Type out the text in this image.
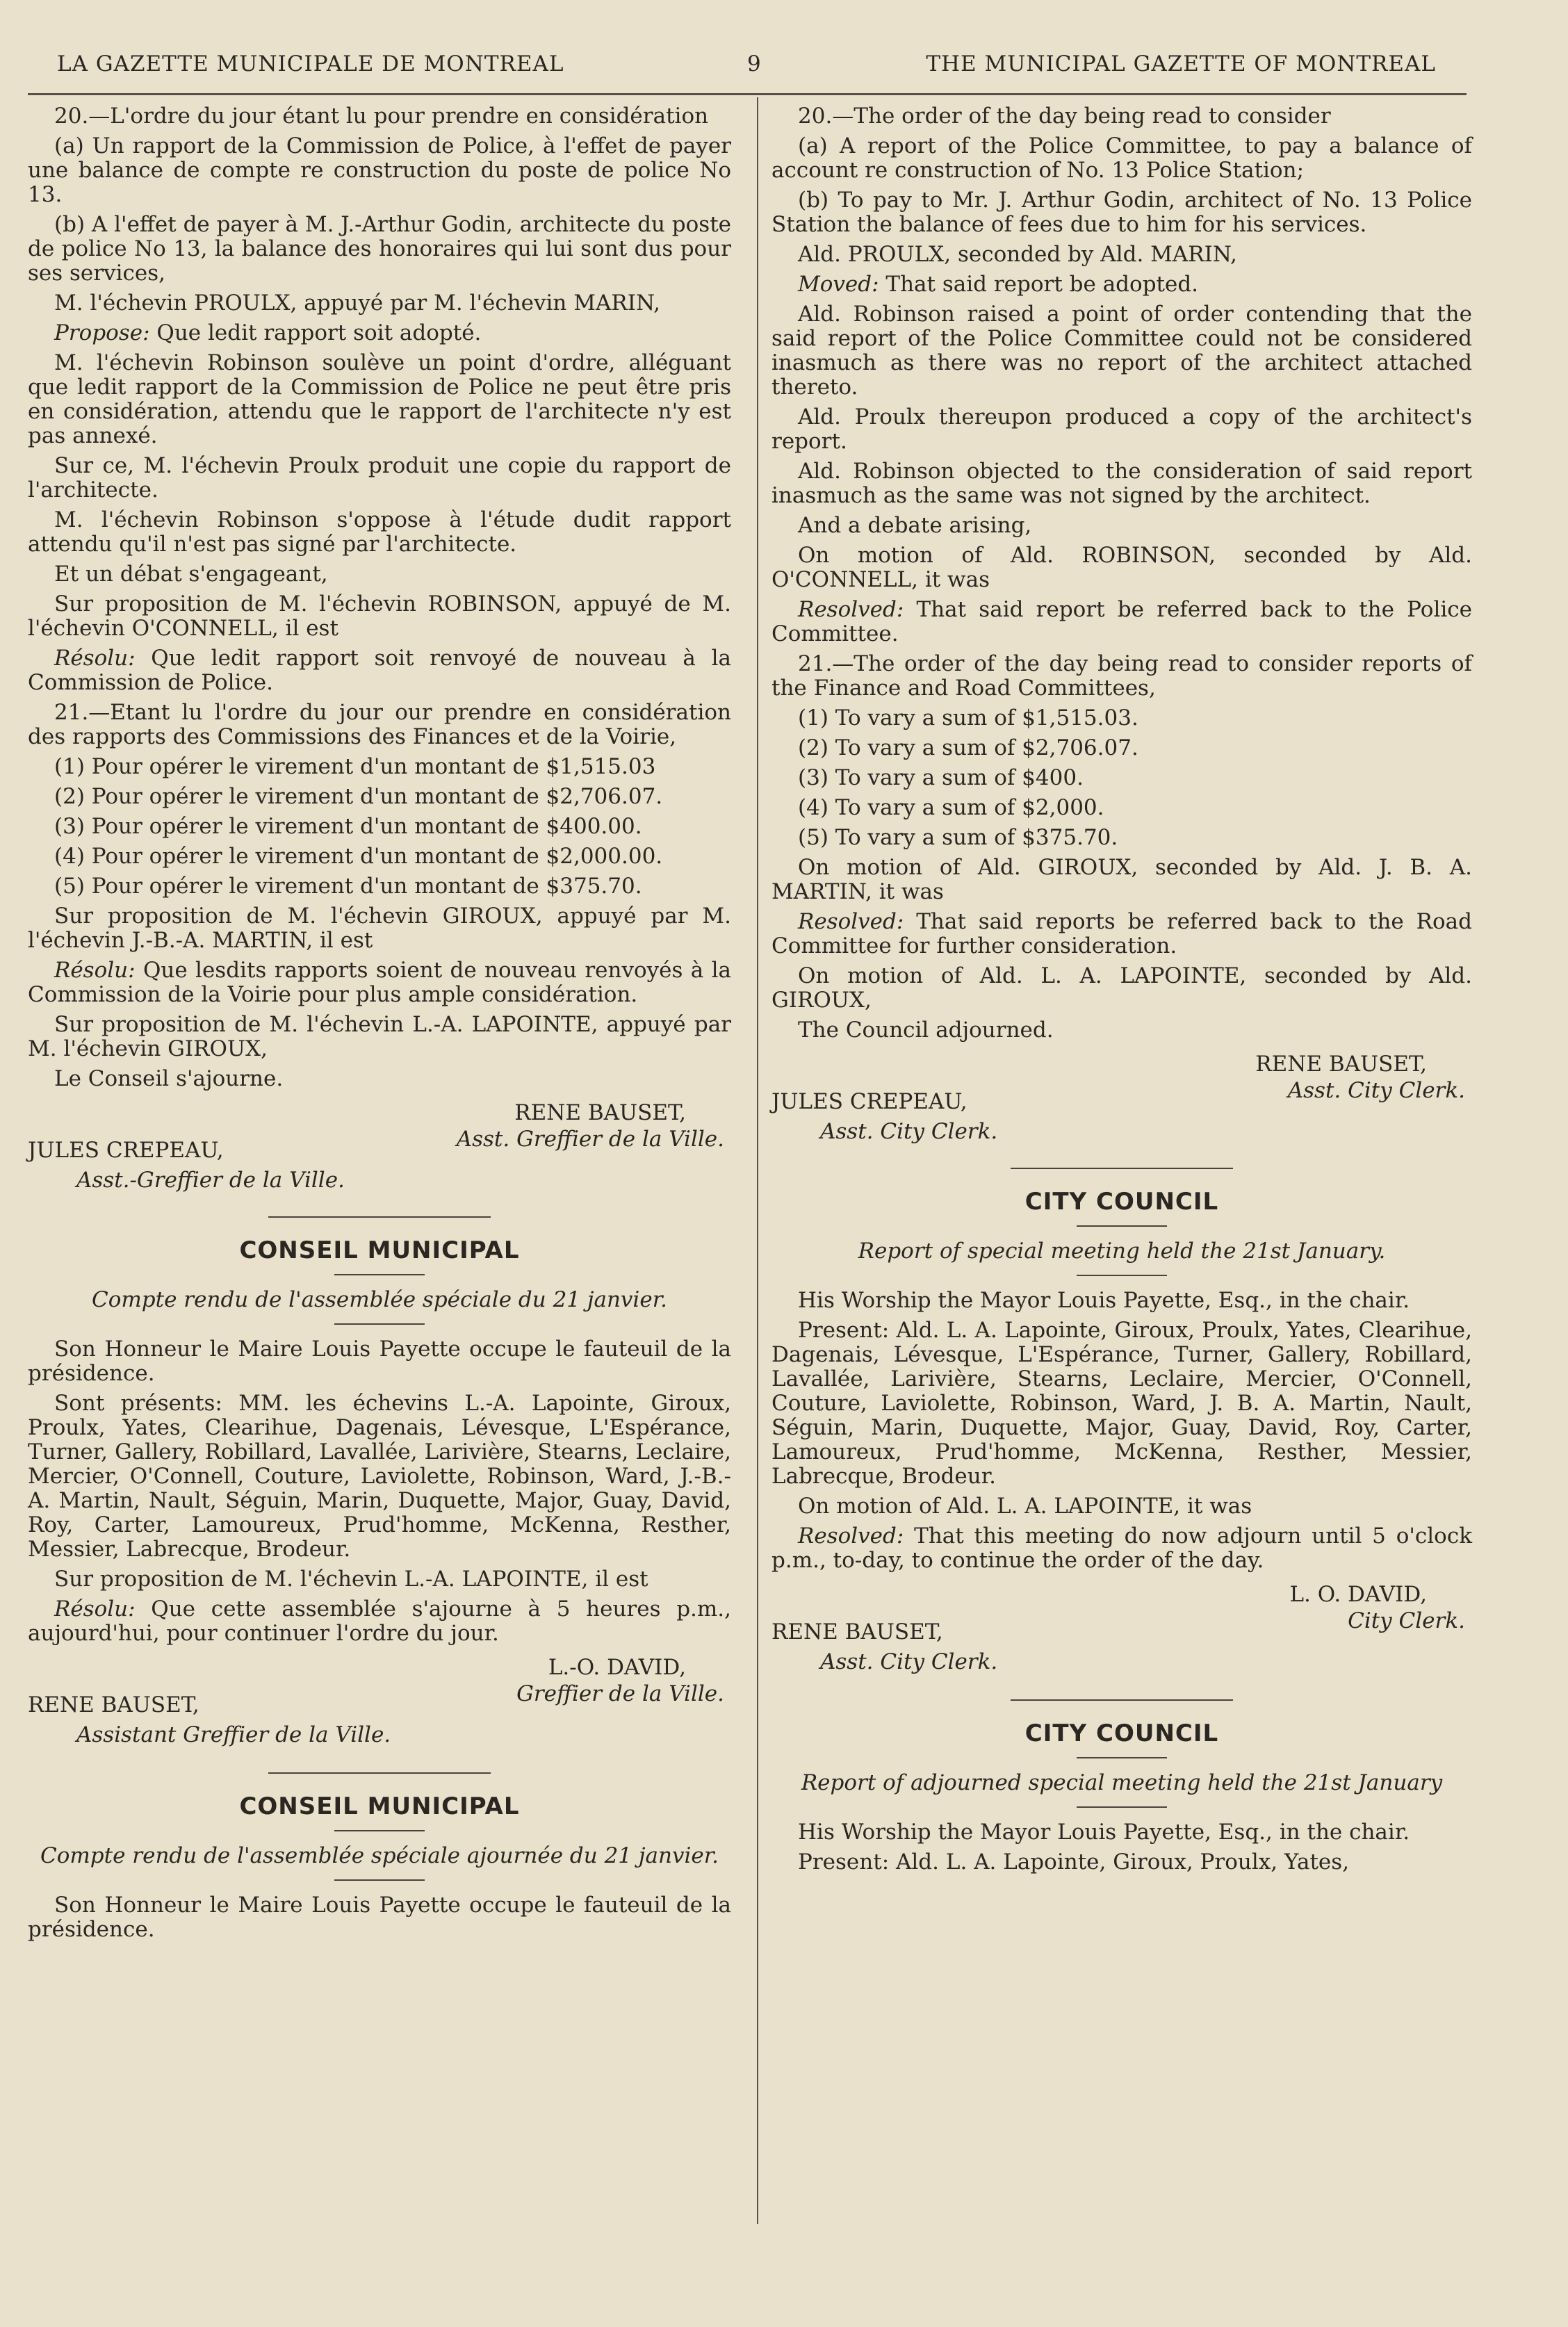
LA GAZETTE MUNICIPALE DE MONTREAL	9	THE MUNICIPAL GAZETTE OF MONTREAL

20.—L'ordre du jour étant lu pour prendre en considération

(a) Un rapport de la Commission de Police, à l'effet de payer une balance de compte re construction du poste de police No 13.

(b) A l'effet de payer à M. J.-Arthur Godin, architecte du poste de police No 13, la balance des honoraires qui lui sont dus pour ses services,

M. l'échevin PROULX, appuyé par M. l'échevin MARIN,

Propose: Que ledit rapport soit adopté.

M. l'échevin Robinson soulève un point d'ordre, alléguant que ledit rapport de la Commission de Police ne peut être pris en considération, attendu que le rapport de l'architecte n'y est pas annexé.

Sur ce, M. l'échevin Proulx produit une copie du rapport de l'architecte.

M. l'échevin Robinson s'oppose à l'étude dudit rapport attendu qu'il n'est pas signé par l'architecte.

Et un débat s'engageant,

Sur proposition de M. l'échevin ROBINSON, appuyé de M. l'échevin O'CONNELL, il est

Résolu: Que ledit rapport soit renvoyé de nouveau à la Commission de Police.

21.—Etant lu l'ordre du jour our prendre en considération des rapports des Commissions des Finances et de la Voirie,

(1) Pour opérer le virement d'un montant de $1,515.03

(2) Pour opérer le virement d'un montant de $2,706.07.

(3) Pour opérer le virement d'un montant de $400.00.

(4) Pour opérer le virement d'un montant de $2,000.00.

(5) Pour opérer le virement d'un montant de $375.70.

Sur proposition de M. l'échevin GIROUX, appuyé par M. l'échevin J.-B.-A. MARTIN, il est

Résolu: Que lesdits rapports soient de nouveau renvoyés à la Commission de la Voirie pour plus ample considération.

Sur proposition de M. l'échevin L.-A. LAPOINTE, appuyé par M. l'échevin GIROUX,

Le Conseil s'ajourne.

RENE BAUSET,
Asst. Greffier de la Ville.
JULES CREPEAU,
Asst.-Greffier de la Ville.

CONSEIL MUNICIPAL

Compte rendu de l'assemblée spéciale du 21 janvier.

Son Honneur le Maire Louis Payette occupe le fauteuil de la présidence.

Sont présents: MM. les échevins L.-A. Lapointe, Giroux, Proulx, Yates, Clearihue, Dagenais, Lévesque, L'Espérance, Turner, Gallery, Robillard, Lavallée, Larivière, Stearns, Leclaire, Mercier, O'Connell, Couture, Laviolette, Robinson, Ward, J.-B.-A. Martin, Nault, Séguin, Marin, Duquette, Major, Guay, David, Roy, Carter, Lamoureux, Prud'homme, McKenna, Resther, Messier, Labrecque, Brodeur.

Sur proposition de M. l'échevin L.-A. LAPOINTE, il est

Résolu: Que cette assemblée s'ajourne à 5 heures p.m., aujourd'hui, pour continuer l'ordre du jour.

L.-O. DAVID,
Greffier de la Ville.
RENE BAUSET,
Assistant Greffier de la Ville.

CONSEIL MUNICIPAL

Compte rendu de l'assemblée spéciale ajournée du 21 janvier.

Son Honneur le Maire Louis Payette occupe le fauteuil de la présidence.

20.—The order of the day being read to consider

(a) A report of the Police Committee, to pay a balance of account re construction of No. 13 Police Station;

(b) To pay to Mr. J. Arthur Godin, architect of No. 13 Police Station the balance of fees due to him for his services.

Ald. PROULX, seconded by Ald. MARIN,

Moved: That said report be adopted.

Ald. Robinson raised a point of order contending that the said report of the Police Committee could not be considered inasmuch as there was no report of the architect attached thereto.

Ald. Proulx thereupon produced a copy of the architect's report.

Ald. Robinson objected to the consideration of said report inasmuch as the same was not signed by the architect.

And a debate arising,

On motion of Ald. ROBINSON, seconded by Ald. O'CONNELL, it was

Resolved: That said report be referred back to the Police Committee.

21.—The order of the day being read to consider reports of the Finance and Road Committees,

(1) To vary a sum of $1,515.03.

(2) To vary a sum of $2,706.07.

(3) To vary a sum of $400.

(4) To vary a sum of $2,000.

(5) To vary a sum of $375.70.

On motion of Ald. GIROUX, seconded by Ald. J. B. A. MARTIN, it was

Resolved: That said reports be referred back to the Road Committee for further consideration.

On motion of Ald. L. A. LAPOINTE, seconded by Ald. GIROUX,

The Council adjourned.

RENE BAUSET,
Asst. City Clerk.
JULES CREPEAU,
Asst. City Clerk.

CITY COUNCIL

Report of special meeting held the 21st January.

His Worship the Mayor Louis Payette, Esq., in the chair.

Present: Ald. L. A. Lapointe, Giroux, Proulx, Yates, Clearihue, Dagenais, Lévesque, L'Espérance, Turner, Gallery, Robillard, Lavallée, Larivière, Stearns, Leclaire, Mercier, O'Connell, Couture, Laviolette, Robinson, Ward, J. B. A. Martin, Nault, Séguin, Marin, Duquette, Major, Guay, David, Roy, Carter, Lamoureux, Prud'homme, McKenna, Resther, Messier, Labrecque, Brodeur.

On motion of Ald. L. A. LAPOINTE, it was

Resolved: That this meeting do now adjourn until 5 o'clock p.m., to-day, to continue the order of the day.

L. O. DAVID,
City Clerk.
RENE BAUSET,
Asst. City Clerk.

CITY COUNCIL

Report of adjourned special meeting held the 21st January

His Worship the Mayor Louis Payette, Esq., in the chair.

Present: Ald. L. A. Lapointe, Giroux, Proulx, Yates,
